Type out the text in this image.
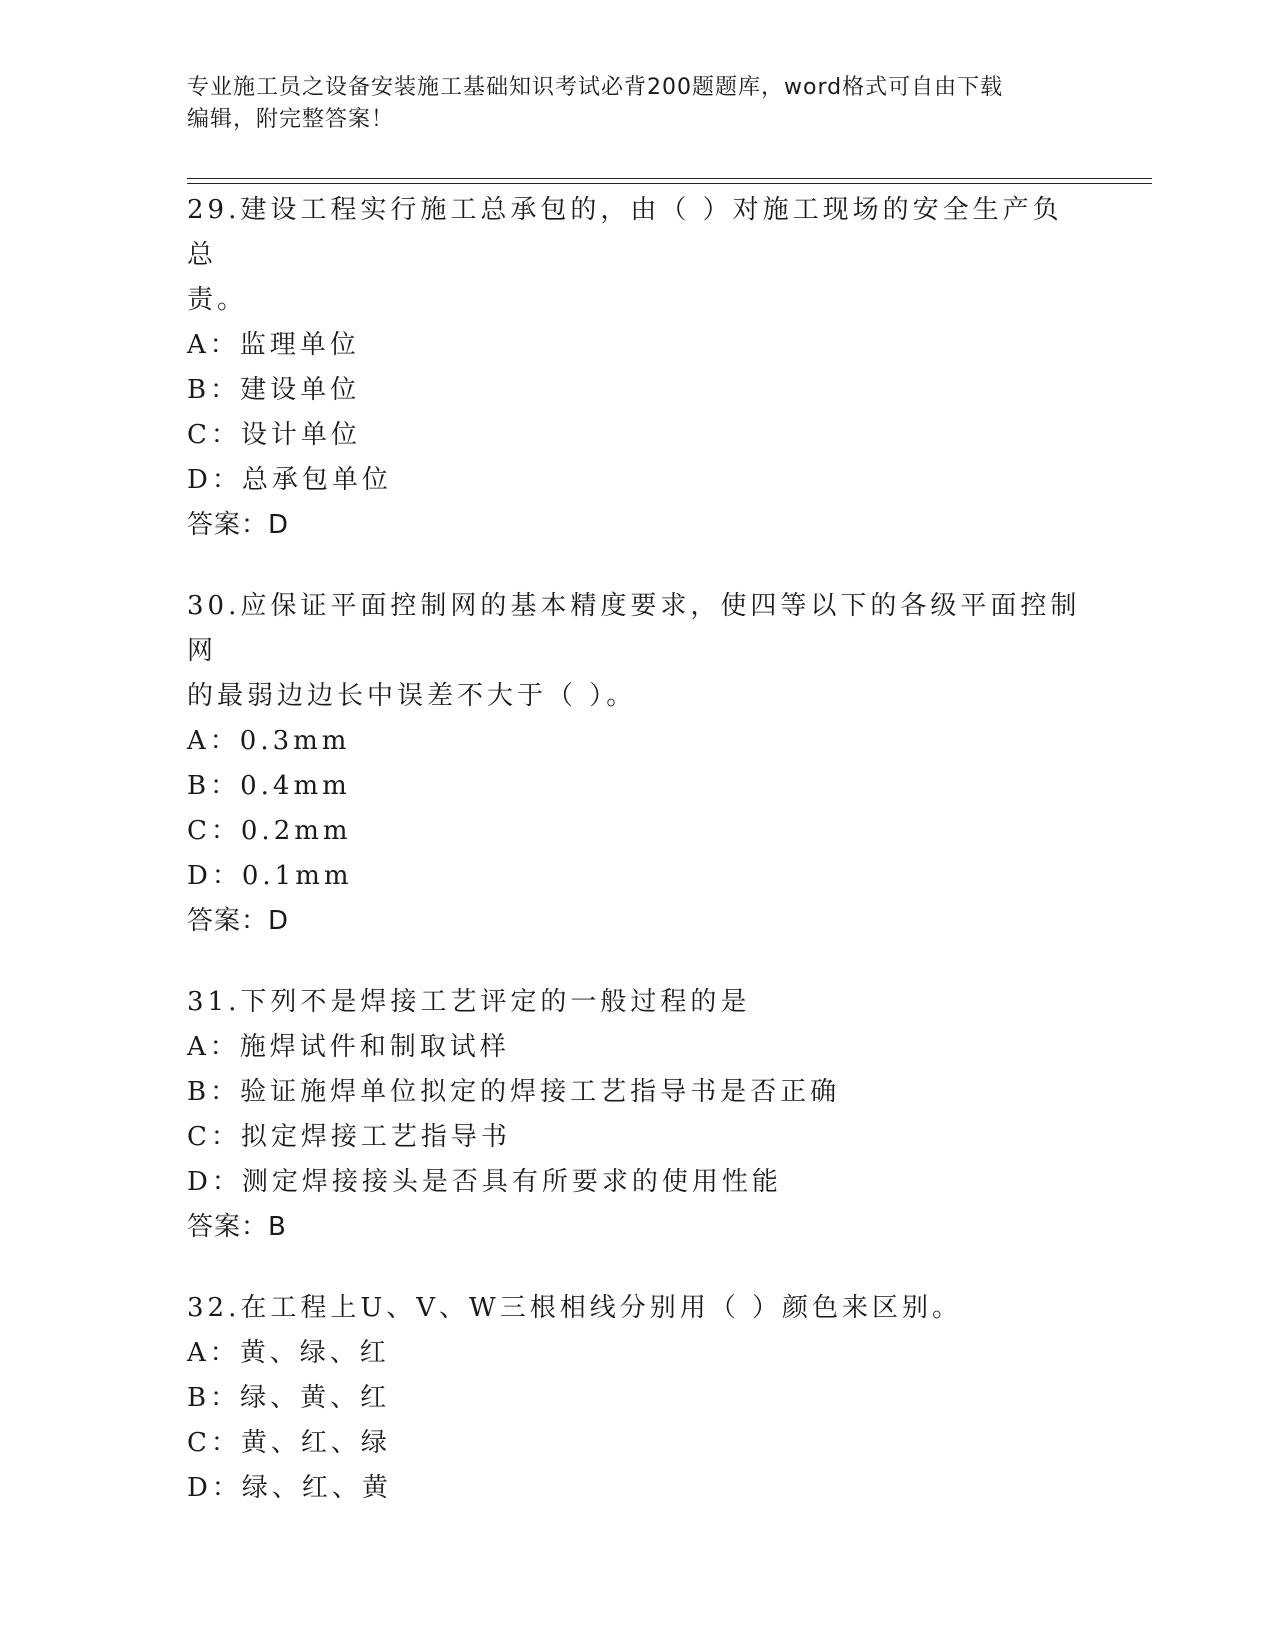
专业施工员之设备安装施工基础知识考试必背200题题库，word格式可自由下载
编辑，附完整答案！
29.建设工程实行施工总承包的，由（ ）对施工现场的安全生产负总
责。
A：监理单位
B：建设单位
C：设计单位
D：总承包单位
答案：D
30.应保证平面控制网的基本精度要求，使四等以下的各级平面控制网
的最弱边边长中误差不大于（ ）。
A：0.3mm
B：0.4mm
C：0.2mm
D：0.1mm
答案：D
31.下列不是焊接工艺评定的一般过程的是
A：施焊试件和制取试样
B：验证施焊单位拟定的焊接工艺指导书是否正确
C：拟定焊接工艺指导书
D：测定焊接接头是否具有所要求的使用性能
答案：B
32.在工程上U、V、W三根相线分别用（ ）颜色来区别。
A：黄、绿、红
B：绿、黄、红
C：黄、红、绿
D：绿、红、黄
